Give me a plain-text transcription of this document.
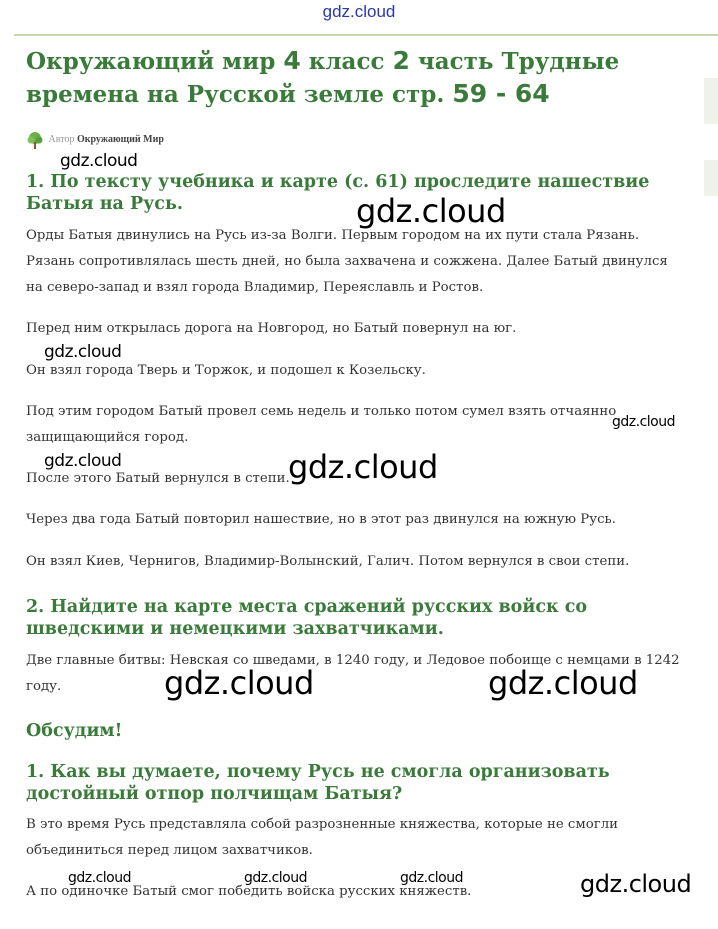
gdz.cloud
Окружающий мир 4 класс 2 часть Трудные времена на Русской земле стр. 59 - 64
Автор Окружающий Мир
1. По тексту учебника и карте (с. 61) проследите нашествие Батыя на Русь.

Орды Батыя двинулись на Русь из-за Волги. Первым городом на их пути стала Рязань. Рязань сопротивлялась шесть дней, но была захвачена и сожжена. Далее Батый двинулся на северо-запад и взял города Владимир, Переяславль и Ростов.

Перед ним открылась дорога на Новгород, но Батый повернул на юг.

Он взял города Тверь и Торжок, и подошел к Козельску.

Под этим городом Батый провел семь недель и только потом сумел взять отчаянно защищающийся город.

После этого Батый вернулся в степи.

Через два года Батый повторил нашествие, но в этот раз двинулся на южную Русь.

Он взял Киев, Чернигов, Владимир-Волынский, Галич. Потом вернулся в свои степи.

2. Найдите на карте места сражений русских войск со шведскими и немецкими захватчиками.

Две главные битвы: Невская со шведами, в 1240 году, и Ледовое побоище с немцами в 1242 году.

Обсудим!
1. Как вы думаете, почему Русь не смогла организовать достойный отпор полчищам Батыя?

В это время Русь представляла собой разрозненные княжества, которые не смогли объединиться перед лицом захватчиков.

А по одиночке Батый смог победить войска русских княжеств.

gdz.cloud
gdz.cloud
gdz.cloud
gdz.cloud
gdz.cloud	gdz.cloud
gdz.cloud	gdz.cloud
gdz.cloud	gdz.cloud	gdz.cloud	gdz.cloud
